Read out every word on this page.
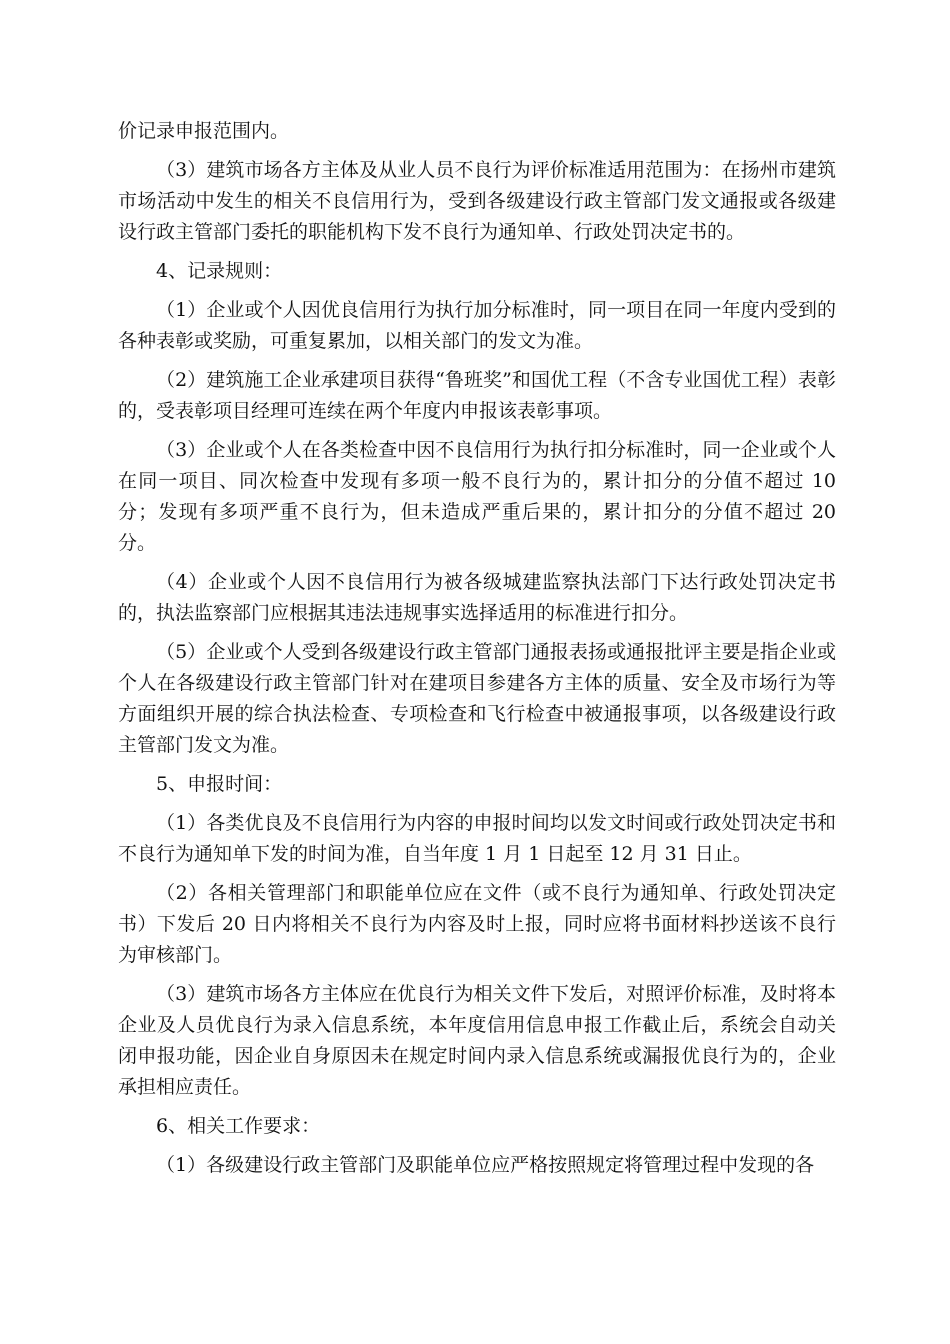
价记录申报范围内。

（3）建筑市场各方主体及从业人员不良行为评价标准适用范围为：在扬州市建筑市场活动中发生的相关不良信用行为，受到各级建设行政主管部门发文通报或各级建设行政主管部门委托的职能机构下发不良行为通知单、行政处罚决定书的。

4、记录规则：

（1）企业或个人因优良信用行为执行加分标准时，同一项目在同一年度内受到的各种表彰或奖励，可重复累加，以相关部门的发文为准。

（2）建筑施工企业承建项目获得“鲁班奖”和国优工程（不含专业国优工程）表彰的，受表彰项目经理可连续在两个年度内申报该表彰事项。

（3）企业或个人在各类检查中因不良信用行为执行扣分标准时，同一企业或个人在同一项目、同次检查中发现有多项一般不良行为的，累计扣分的分值不超过 10 分；发现有多项严重不良行为，但未造成严重后果的，累计扣分的分值不超过 20 分。

（4）企业或个人因不良信用行为被各级城建监察执法部门下达行政处罚决定书的，执法监察部门应根据其违法违规事实选择适用的标准进行扣分。

（5）企业或个人受到各级建设行政主管部门通报表扬或通报批评主要是指企业或个人在各级建设行政主管部门针对在建项目参建各方主体的质量、安全及市场行为等方面组织开展的综合执法检查、专项检查和飞行检查中被通报事项，以各级建设行政主管部门发文为准。

5、申报时间：

（1）各类优良及不良信用行为内容的申报时间均以发文时间或行政处罚决定书和不良行为通知单下发的时间为准，自当年度 1 月 1 日起至 12 月 31 日止。

（2）各相关管理部门和职能单位应在文件（或不良行为通知单、行政处罚决定书）下发后 20 日内将相关不良行为内容及时上报，同时应将书面材料抄送该不良行为审核部门。

（3）建筑市场各方主体应在优良行为相关文件下发后，对照评价标准，及时将本企业及人员优良行为录入信息系统，本年度信用信息申报工作截止后，系统会自动关闭申报功能，因企业自身原因未在规定时间内录入信息系统或漏报优良行为的，企业承担相应责任。

6、相关工作要求：

（1）各级建设行政主管部门及职能单位应严格按照规定将管理过程中发现的各
